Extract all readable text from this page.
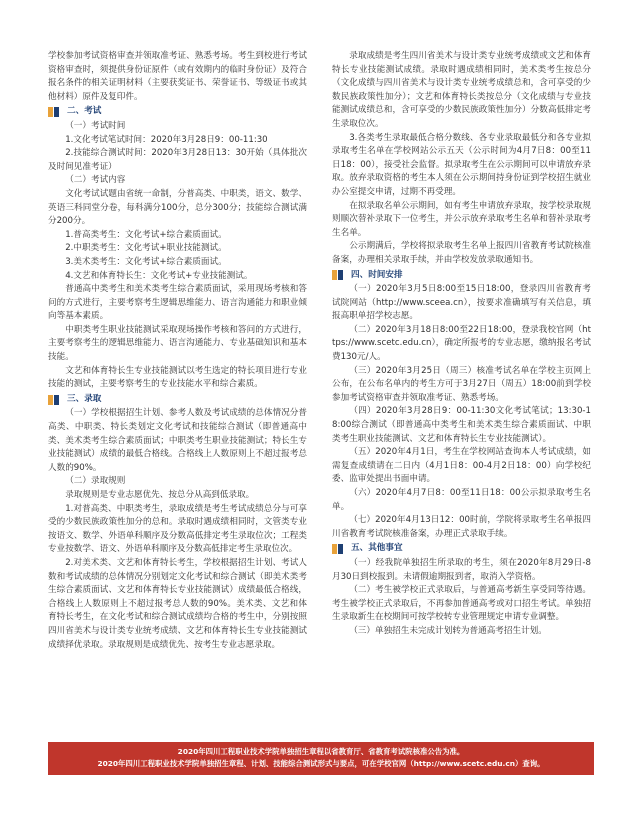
学校参加考试资格审查并领取准考证、熟悉考场。考生到校进行考试资格审查时，须提供身份证原件（或有效期内的临时身份证）及符合报名条件的相关证明材料（主要获奖证书、荣誉证书、等级证书或其他材料）原件及复印件。

二、考试

（一）考试时间

1.文化考试笔试时间：2020年3月28日9：00-11:30

2.技能综合测试时间：2020年3月28日13：30开始（具体批次及时间见准考证）

（二）考试内容

文化考试试题由省统一命制，分普高类、中职类，语文、数学、英语三科同堂分卷，每科满分100分，总分300分；技能综合测试满分200分。

1.普高类考生：文化考试+综合素质面试。

2.中职类考生：文化考试+职业技能测试。

3.美术类考生：文化考试+综合素质面试。

4.文艺和体育特长生：文化考试+专业技能测试。

普通高中类考生和美术类考生综合素质面试，采用现场考核和答问的方式进行，主要考察考生逻辑思维能力、语言沟通能力和职业倾向等基本素质。

中职类考生职业技能测试采取现场操作考核和答问的方式进行，主要考察考生的逻辑思维能力、语言沟通能力、专业基础知识和基本技能。

文艺和体育特长生专业技能测试以考生选定的特长项目进行专业技能的测试，主要考察考生的专业技能水平和综合素质。

三、录取

（一）学校根据招生计划、参考人数及考试成绩的总体情况分普高类、中职类、特长类划定文化考试和技能综合测试（即普通高中类、美术类考生综合素质面试；中职类考生职业技能测试；特长生专业技能测试）成绩的最低合格线。合格线上人数原则上不超过报考总人数的90%。

（二）录取规则

录取规则是专业志愿优先、按总分从高到低录取。

1.对普高类、中职类考生，录取成绩是考生考试成绩总分与可享受的少数民族政策性加分的总和。录取时遇成绩相同时，文管类专业按语文、数学、外语单科顺序及分数高低排定考生录取位次；工程类专业按数学、语文、外语单科顺序及分数高低排定考生录取位次。

2.对美术类、文艺和体育特长考生，学校根据招生计划、考试人数和考试成绩的总体情况分别划定文化考试和综合测试（即美术类考生综合素质面试、文艺和体育特长专业技能测试）成绩最低合格线，合格线上人数原则上不超过报考总人数的90%。美术类、文艺和体育特长考生，在文化考试和综合测试成绩均合格的考生中，分别按照四川省美术与设计类专业统考成绩、文艺和体育特长生专业技能测试成绩择优录取。录取规则是成绩优先、按考生专业志愿录取。

录取成绩是考生四川省美术与设计类专业统考成绩或文艺和体育特长专业技能测试成绩。录取时遇成绩相同时，美术类考生按总分（文化成绩与四川省美术与设计类专业统考成绩总和，含可享受的少数民族政策性加分）；文艺和体育特长类按总分（文化成绩与专业技能测试成绩总和，含可享受的少数民族政策性加分）分数高低排定考生录取位次。

3.各类考生录取最低合格分数线、各专业录取最低分和各专业拟录取考生名单在学校网站公示五天（公示时间为4月7日8：00至11日18：00），接受社会监督。拟录取考生在公示期间可以申请放弃录取。放弃录取资格的考生本人须在公示期间持身份证到学校招生就业办公室提交申请，过期不再受理。

在拟录取名单公示期间，如有考生申请放弃录取，按学校录取规则顺次替补录取下一位考生，并公示放弃录取考生名单和替补录取考生名单。

公示期满后，学校将拟录取考生名单上报四川省教育考试院核准备案，办理相关录取手续，并由学校发放录取通知书。

四、时间安排

（一）2020年3月5日8:00至15日18:00，登录四川省教育考试院网站（http://www.sceea.cn），按要求准确填写有关信息，填报高职单招学校志愿。

（二）2020年3月18日8:00至22日18:00，登录我校官网（https://www.scetc.edu.cn），确定所报考的专业志愿，缴纳报名考试费130元/人。

（三）2020年3月25日（周三）核准考试名单在学校主页网上公布，在公布名单内的考生方可于3月27日（周五）18:00前到学校参加考试资格审查并领取准考证、熟悉考场。

（四）2020年3月28日9：00-11:30文化考试笔试；13:30-18:00综合测试（即普通高中类考生和美术类生综合素质面试、中职类考生职业技能测试、文艺和体育特长生专业技能测试）。

（五）2020年4月1日，考生在学校网站查询本人考试成绩，如需复查成绩请在二日内（4月1日8：00-4月2日18：00）向学校纪委、监审处提出书面申请。

（六）2020年4月7日8：00至11日18：00公示拟录取考生名单。

（七）2020年4月13日12：00时前，学院将录取考生名单报四川省教育考试院核准备案，办理正式录取手续。

五、其他事宜

（一）经我院单独招生所录取的考生，须在2020年8月29日-8月30日到校报到。未请假逾期报到者，取消入学资格。

（二）考生被学校正式录取后，与普通高考新生享受同等待遇。考生被学校正式录取后，不再参加普通高考或对口招生考试。单独招生录取新生在校期间可按学校转专业管理规定申请专业调整。

（三）单独招生未完成计划转为普通高考招生计划。

2020年四川工程职业技术学院单独招生章程以省教育厅、省教育考试院核准公告为准。
2020年四川工程职业技术学院单独招生章程、计划、技能综合测试形式与要点，可在学校官网（http://www.scetc.edu.cn）查询。
